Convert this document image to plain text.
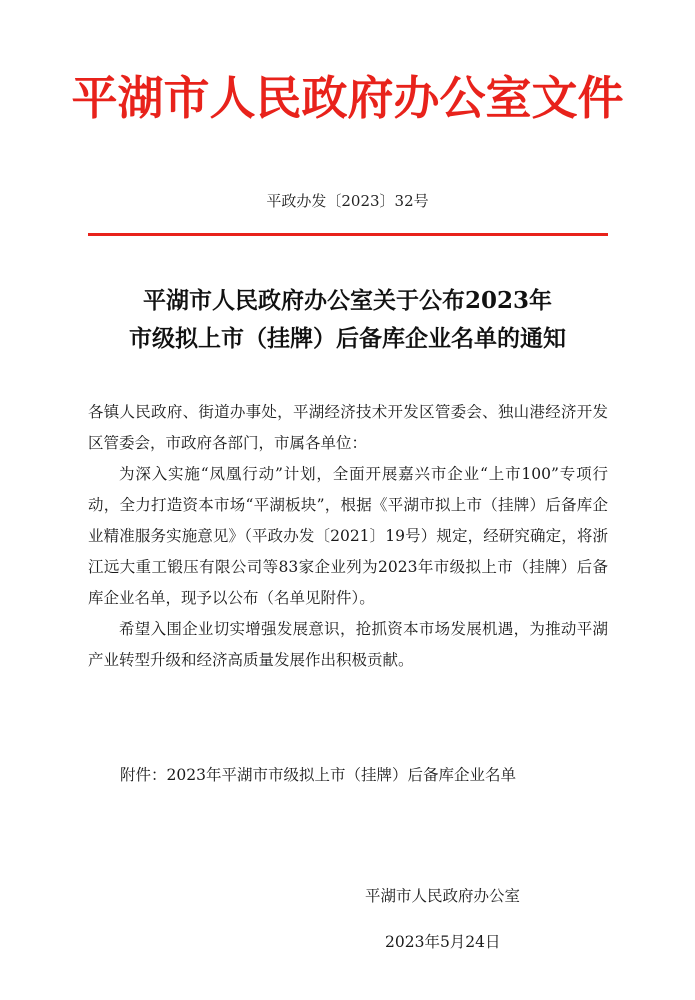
平湖市人民政府办公室文件
平政办发〔2023〕32号
平湖市人民政府办公室关于公布2023年
市级拟上市（挂牌）后备库企业名单的通知

各镇人民政府、街道办事处，平湖经济技术开发区管委会、独山港经济开发区管委会，市政府各部门，市属各单位：

为深入实施“凤凰行动”计划，全面开展嘉兴市企业“上市100”专项行动，全力打造资本市场“平湖板块”，根据《平湖市拟上市（挂牌）后备库企业精准服务实施意见》（平政办发〔2021〕19号）规定，经研究确定，将浙江远大重工锻压有限公司等83家企业列为2023年市级拟上市（挂牌）后备库企业名单，现予以公布（名单见附件）。

希望入围企业切实增强发展意识，抢抓资本市场发展机遇，为推动平湖产业转型升级和经济高质量发展作出积极贡献。

附件：2023年平湖市市级拟上市（挂牌）后备库企业名单
平湖市人民政府办公室
2023年5月24日
